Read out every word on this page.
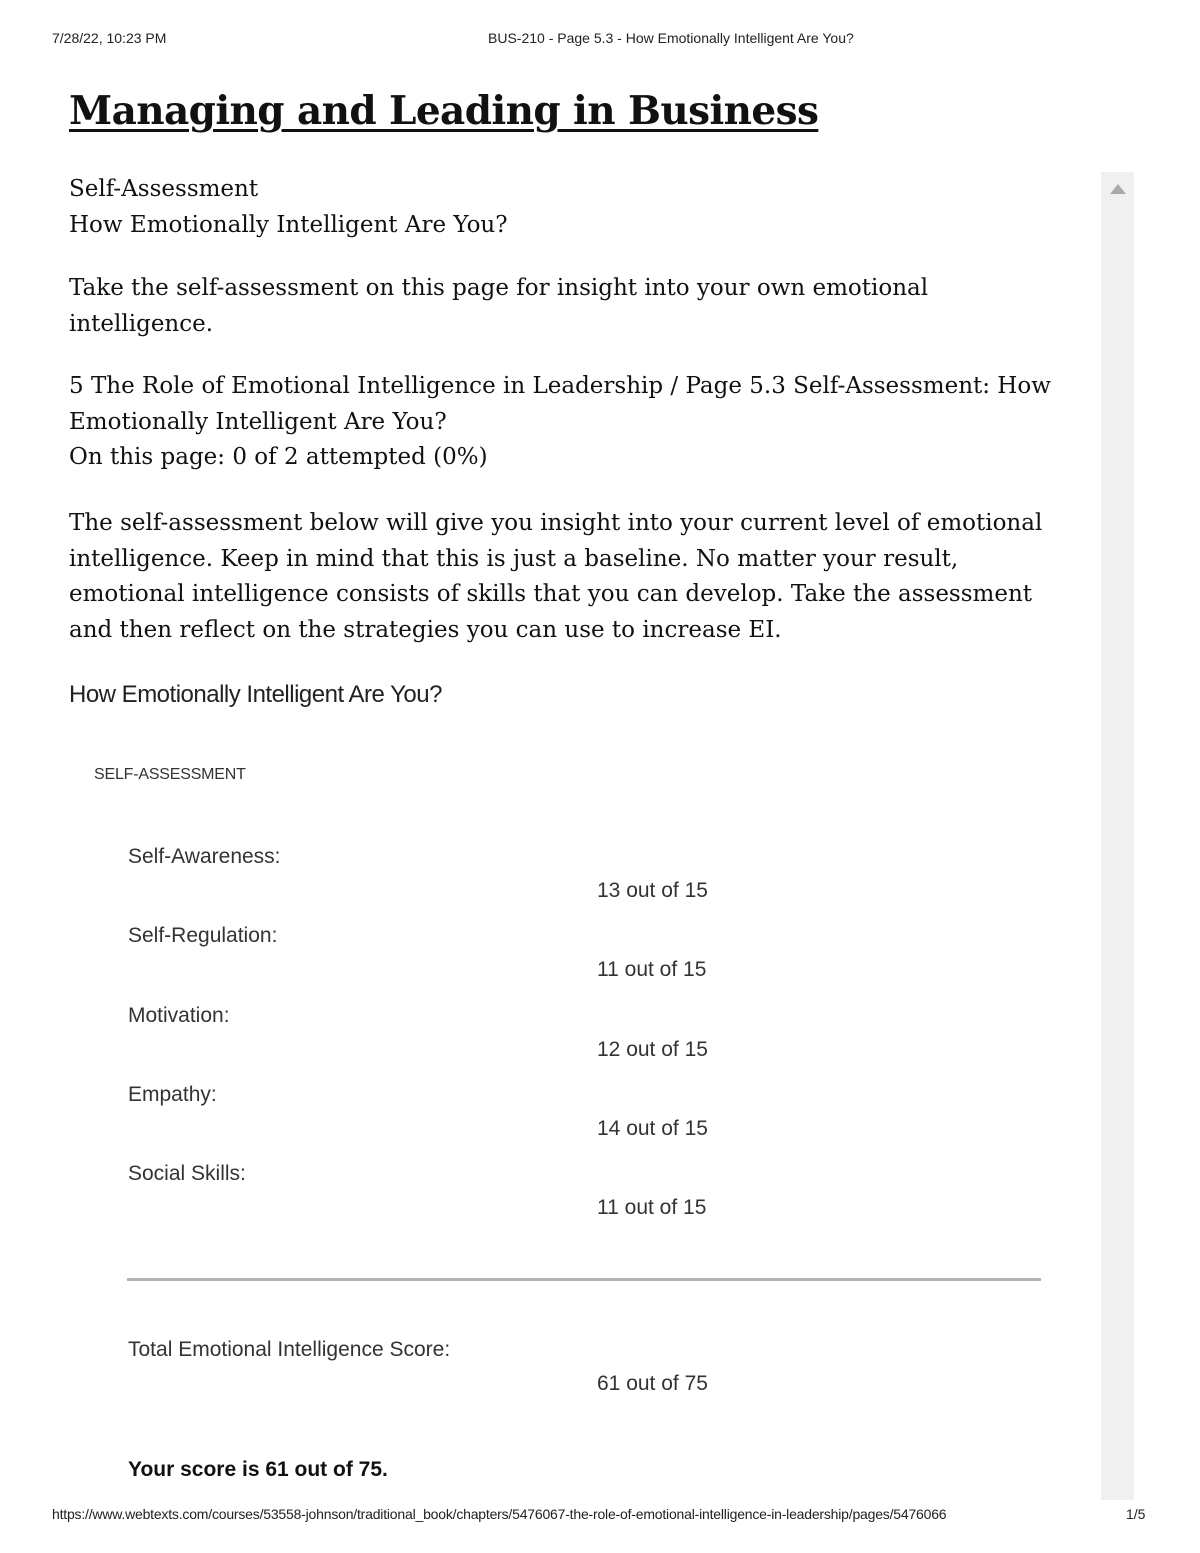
7/28/22, 10:23 PM	BUS-210 - Page 5.3 - How Emotionally Intelligent Are You?
Managing and Leading in Business

Self-Assessment

How Emotionally Intelligent Are You?

Take the self-assessment on this page for insight into your own emotional intelligence.

5 The Role of Emotional Intelligence in Leadership / Page 5.3 Self-Assessment: How Emotionally Intelligent Are You?

On this page: 0 of 2 attempted (0%)

The self-assessment below will give you insight into your current level of emotional intelligence. Keep in mind that this is just a baseline. No matter your result, emotional intelligence consists of skills that you can develop. Take the assessment and then reflect on the strategies you can use to increase EI.

How Emotionally Intelligent Are You?
SELF-ASSESSMENT
Self-Awareness:
13 out of 15
Self-Regulation:
11 out of 15
Motivation:
12 out of 15
Empathy:
14 out of 15
Social Skills:
11 out of 15
Total Emotional Intelligence Score:
61 out of 75
Your score is 61 out of 75.
https://www.webtexts.com/courses/53558-johnson/traditional_book/chapters/5476067-the-role-of-emotional-intelligence-in-leadership/pages/5476066	1/5
